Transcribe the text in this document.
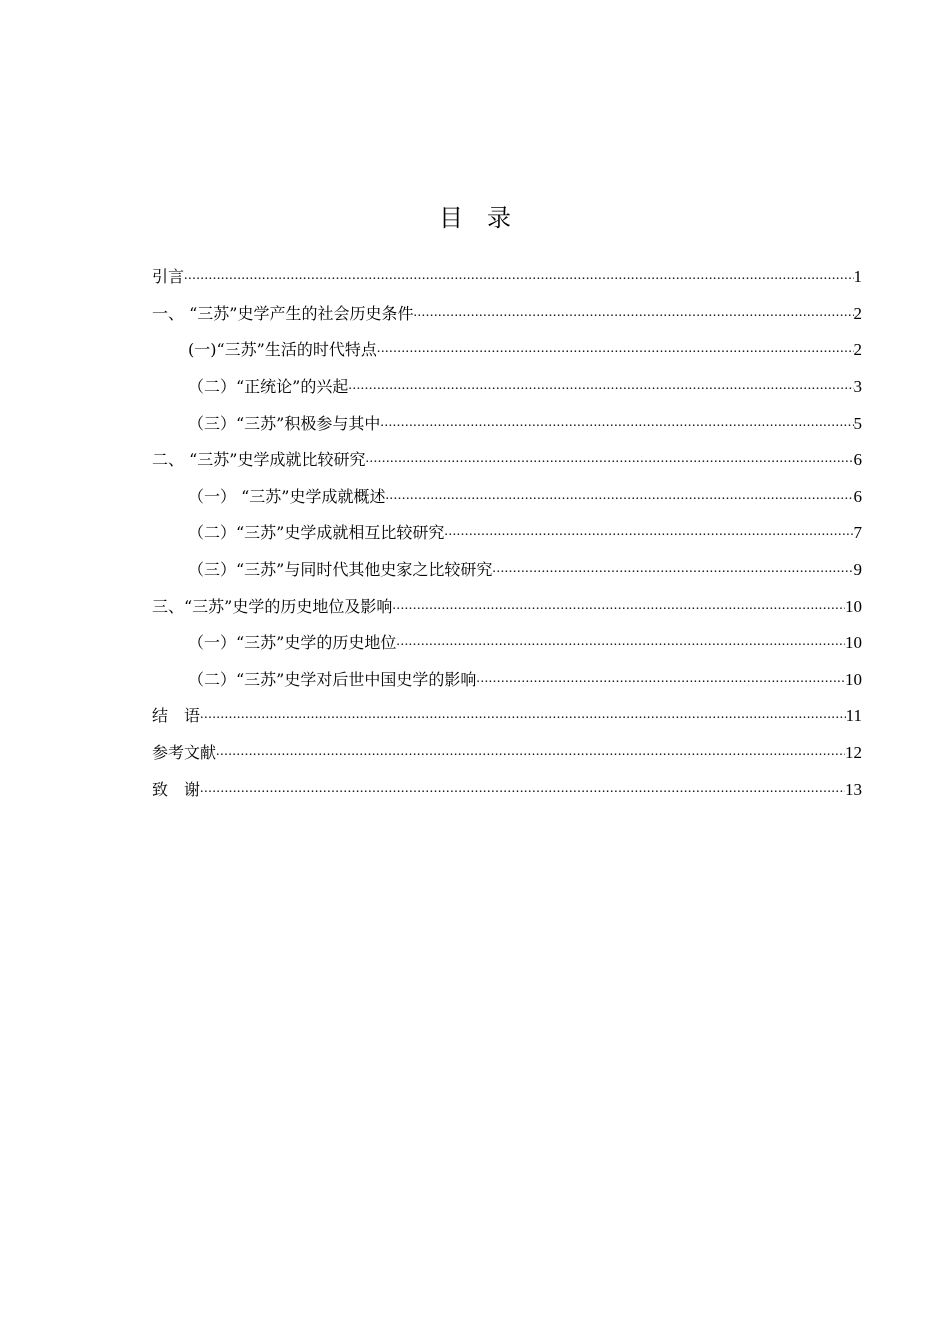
目录
引言 .....	1
一、 “三苏”史学产生的社会历史条件 .....	2
(一)“三苏”生活的时代特点 .....	2
（二）“正统论”的兴起 .....	3
（三）“三苏”积极参与其中 .....	5
二、 “三苏”史学成就比较研究 .....	6
（一） “三苏”史学成就概述 .....	6
（二）“三苏”史学成就相互比较研究 .....	7
（三）“三苏”与同时代其他史家之比较研究 .....	9
三、“三苏”史学的历史地位及影响 .....	10
（一）“三苏”史学的历史地位 .....	10
（二）“三苏”史学对后世中国史学的影响 .....	10
结　语 .....	11
参考文献 .....	12
致　谢 .....	13
